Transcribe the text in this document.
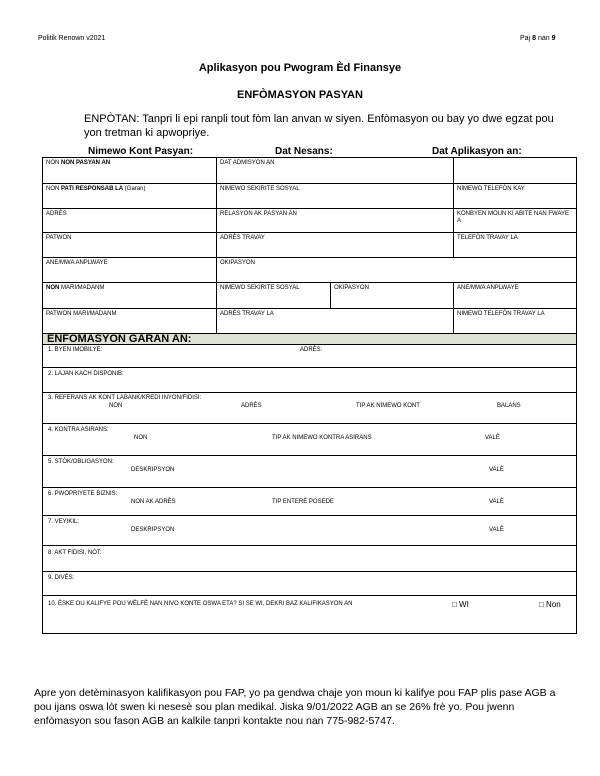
Politik Renown v2021	Paj 8 nan 9
Aplikasyon pou Pwogram Èd Finansye
ENFÒMASYON PASYAN
ENPÒTAN: Tanpri li epi ranpli tout fòm lan anvan w siyen. Enfòmasyon ou bay yo dwe egzat pou yon tretman ki apwopriye.
Nimewo Kont Pasyan:	Dat Nesans:	Dat Aplikasyon an:
NON NON PASYAN AN	DAT ADMISYON AN
NON PATI RESPONSAB LA (Garan)	NIMEWO SEKIRITE SOSYAL	NIMEWO TELEFÒN KAY
ADRÈS	RELASYON AK PASYAN AN	KONBYEN MOUN KI ABITE NAN FWAYE A
PATWON	ADRÈS TRAVAY	TELEFÒN TRAVAY LA
ANE/MWA ANPLWAYE	OKIPASYON
NON MARI/MADANM	NIMEWO SEKIRITE SOSYAL	OKIPASYON	ANE/MWA ANPLWAYE
PATWON MARI/MADANM	ADRÈS TRAVAY LA	NIMEWO TELEFÒN TRAVAY LA
ENFOMASYON GARAN AN:
1. BYEN IMOBILYE:	ADRÈS:
2. LAJAN KACH DISPONIB:
3. REFERANS AK KONT LABANK/KREDI INYON/FIDISI:
NON	ADRÈS	TIP AK NIMEWO KONT	BALANS
4. KONTRA ASIRANS:
NON	TIP AK NIMEWO KONTRA ASIRANS	VALÈ
5. STÒK/OBLIGASYON:
DESKRIPSYON	VALÈ
6. PWOPRIYETE BIZNIS:
NON AK ADRÈS	TIP ENTERÈ POSEDE	VALÈ
7. VEYIKIL:
DESKRIPSYON	VALÈ
8. AKT FIDISI, NÒT:
9. DIVÈS:
10. ÈSKE OU KALIFYE POU WÈLFÈ NAN NIVO KONTE OSWA ETA? SI SE WI, DEKRI BAZ KALIFIKASYON AN	□ WI	□ Non
Apre yon detèminasyon kalifikasyon pou FAP, yo pa gendwa chaje yon moun ki kalifye pou FAP plis pase AGB a pou ijans oswa lòt swen ki nesesè sou plan medikal. Jiska 9/01/2022 AGB an se 26% frè yo. Pou jwenn enfòmasyon sou fason AGB an kalkile tanpri kontakte nou nan 775-982-5747.
